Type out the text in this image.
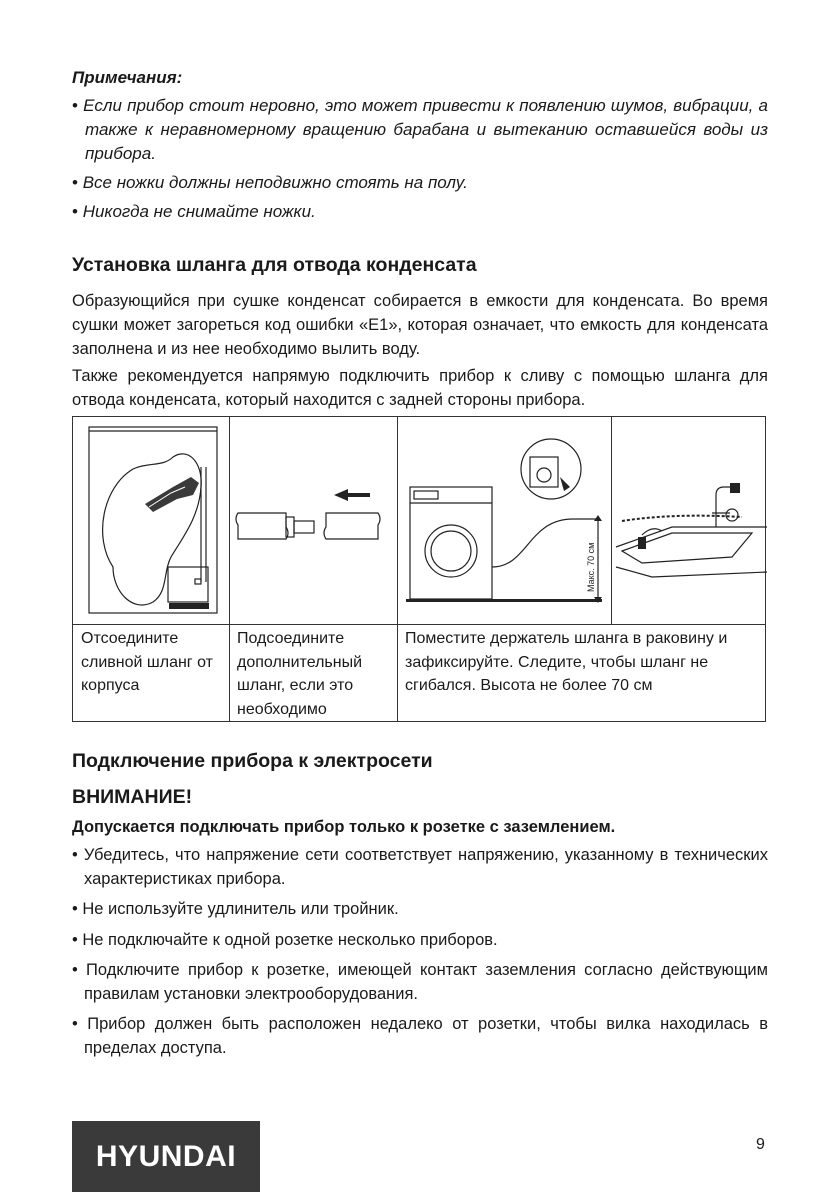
Примечания:
• Если прибор стоит неровно, это может привести к появлению шумов, вибрации, а также к неравномерному вращению барабана и вытеканию оставшейся воды из прибора.
• Все ножки должны неподвижно стоять на полу.
• Никогда не снимайте ножки.
Установка шланга для отвода конденсата

Образующийся при сушке конденсат собирается в емкости для конденсата. Во время сушки может загореться код ошибки «Е1», которая означает, что емкость для конденсата заполнена и из нее необходимо вылить воду.

Также рекомендуется напрямую подключить прибор к сливу с помощью шланга для отвода конденсата, который находится с задней стороны прибора.

Макс. 70 см

Отсоедините сливной шланг от корпуса

Подсоедините дополнительный шланг, если это необходимо

Поместите держатель шланга в раковину и зафиксируйте. Следите, чтобы шланг не сгибался. Высота не более 70 см

Подключение прибора к электросети
ВНИМАНИЕ!
Допускается подключать прибор только к розетке с заземлением.
• Убедитесь, что напряжение сети соответствует напряжению, указанному в технических характеристиках прибора.
• Не используйте удлинитель или тройник.
• Не подключайте к одной розетке несколько приборов.
• Подключите прибор к розетке, имеющей контакт заземления согласно действующим правилам установки электрооборудования.
• Прибор должен быть расположен недалеко от розетки, чтобы вилка находилась в пределах доступа.
HYUNDAI	9
